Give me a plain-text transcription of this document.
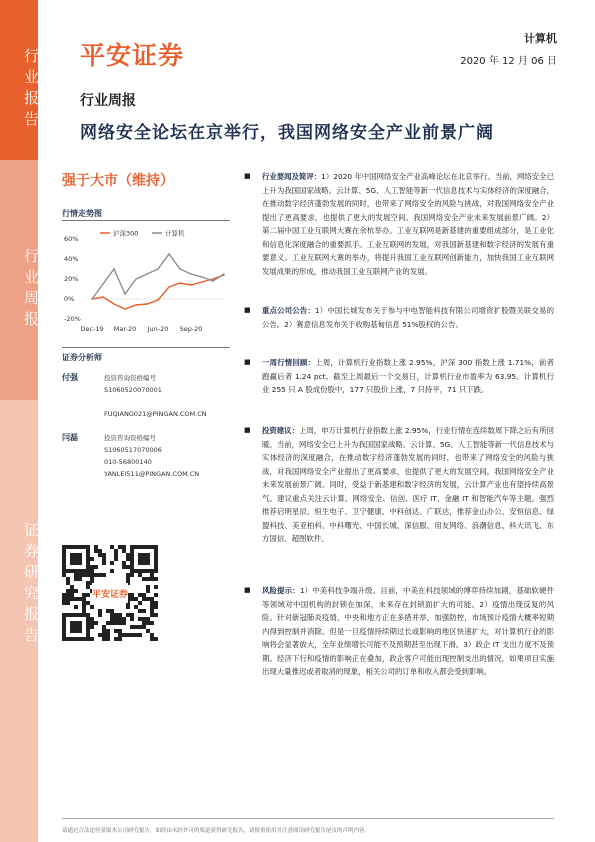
行业报告
行业周报
证券研究报告
平安证券
计算机
2020 年 12 月 06 日
行业周报
网络安全论坛在京举行，我国网络安全产业前景广阔
强于大市（维持）
行情走势图
60%
40%
20%
0%
-20%
Dec-19 Mar-20 Jun-20 Sep-20
沪深300	计算机
证券分析师
付强	投资咨询资格编号
S1060520070001
FUQIANG021@PINGAN.COM.CN
闫磊	投资咨询资格编号
S1060517070006
010-56800140
YANLEI511@PINGAN.COM.CN
平安证券
■ 行业要闻及简评：1）2020 年中国网络安全产业高峰论坛在北京举行。当前，网络安全已上升为我国国家战略。云计算、5G、人工智能等新一代信息技术与实体经济的深度融合，在推动数字经济蓬勃发展的同时，也带来了网络安全的风险与挑战，对我国网络安全产业提出了更高要求，也提供了更大的发展空间。我国网络安全产业未来发展前景广阔。2）第二届中国工业互联网大赛在余杭举办。工业互联网是新基建的重要组成部分，是工业化和信息化深度融合的重要抓手。工业互联网的发展，对我国新基建和数字经济的发展有重要意义。工业互联网大赛的举办，将提升我国工业互联网创新能力，加快我国工业互联网发展成果的形成，推动我国工业互联网产业的发展。
■ 重点公司公告：1）中国长城发布关于参与中电智能科技有限公司增资扩股暨关联交易的公告。2）赛意信息发布关于收购基甸信息 51%股权的公告。
■ 一周行情回顾：上周，计算机行业指数上涨 2.95%，沪深 300 指数上涨 1.71%，前者跑赢后者 1.24 pct。截至上周最后一个交易日，计算机行业市盈率为 63.95。计算机行业 255 只 A 股成份股中，177 只股价上涨，7 只持平，71 只下跌。
■ 投资建议：上周，申万计算机行业指数上涨 2.95%，行业行情在连续数周下降之后有所回暖。当前，网络安全已上升为我国国家战略。云计算、5G、人工智能等新一代信息技术与实体经济的深度融合，在推动数字经济蓬勃发展的同时，也带来了网络安全的风险与挑战，对我国网络安全产业提出了更高要求，也提供了更大的发展空间。我国网络安全产业未来发展前景广阔。同时，受益于新基建和数字经济的发展，云计算产业也有望持续高景气。建议重点关注云计算、网络安全、信创、医疗 IT、金融 IT 和智能汽车等主题。强烈推荐启明星辰、恒生电子、卫宁健康、中科创达、广联达，推荐金山办公、安恒信息、绿盟科技、美亚柏科、中科曙光、中国长城、深信服、用友网络、浪潮信息、科大讯飞、东方国信、超图软件。
■ 风险提示：1）中美科技争端升级。目前，中美在科技领域的博弈持续加剧，基础软硬件等领域对中国机构的封锁在加深，未来存在封锁面扩大的可能。2）疫情出现反复的风险。针对新冠肺炎疫情，中央和地方正在多措并举，加强防控，市场预计疫情大概率短期内得到控制并消除。但是一旦疫情持续期过长或影响的地区快速扩大，对计算机行业的影响将会显著放大，全年业绩增长可能不及预期甚至出现下滑。3）政企 IT 支出力度不及预期。经济下行和疫情的影响正在叠加，政企客户可能出现控制支出的情况，如果项目实施出现大量推迟或者取消的现象，相关公司的订单和收入都会受到影响。
请通过合法途径获取本公司研究报告，如经由未经许可的渠道获得研究报告，请慎重使用并注意阅读研究报告尾页的声明内容。
